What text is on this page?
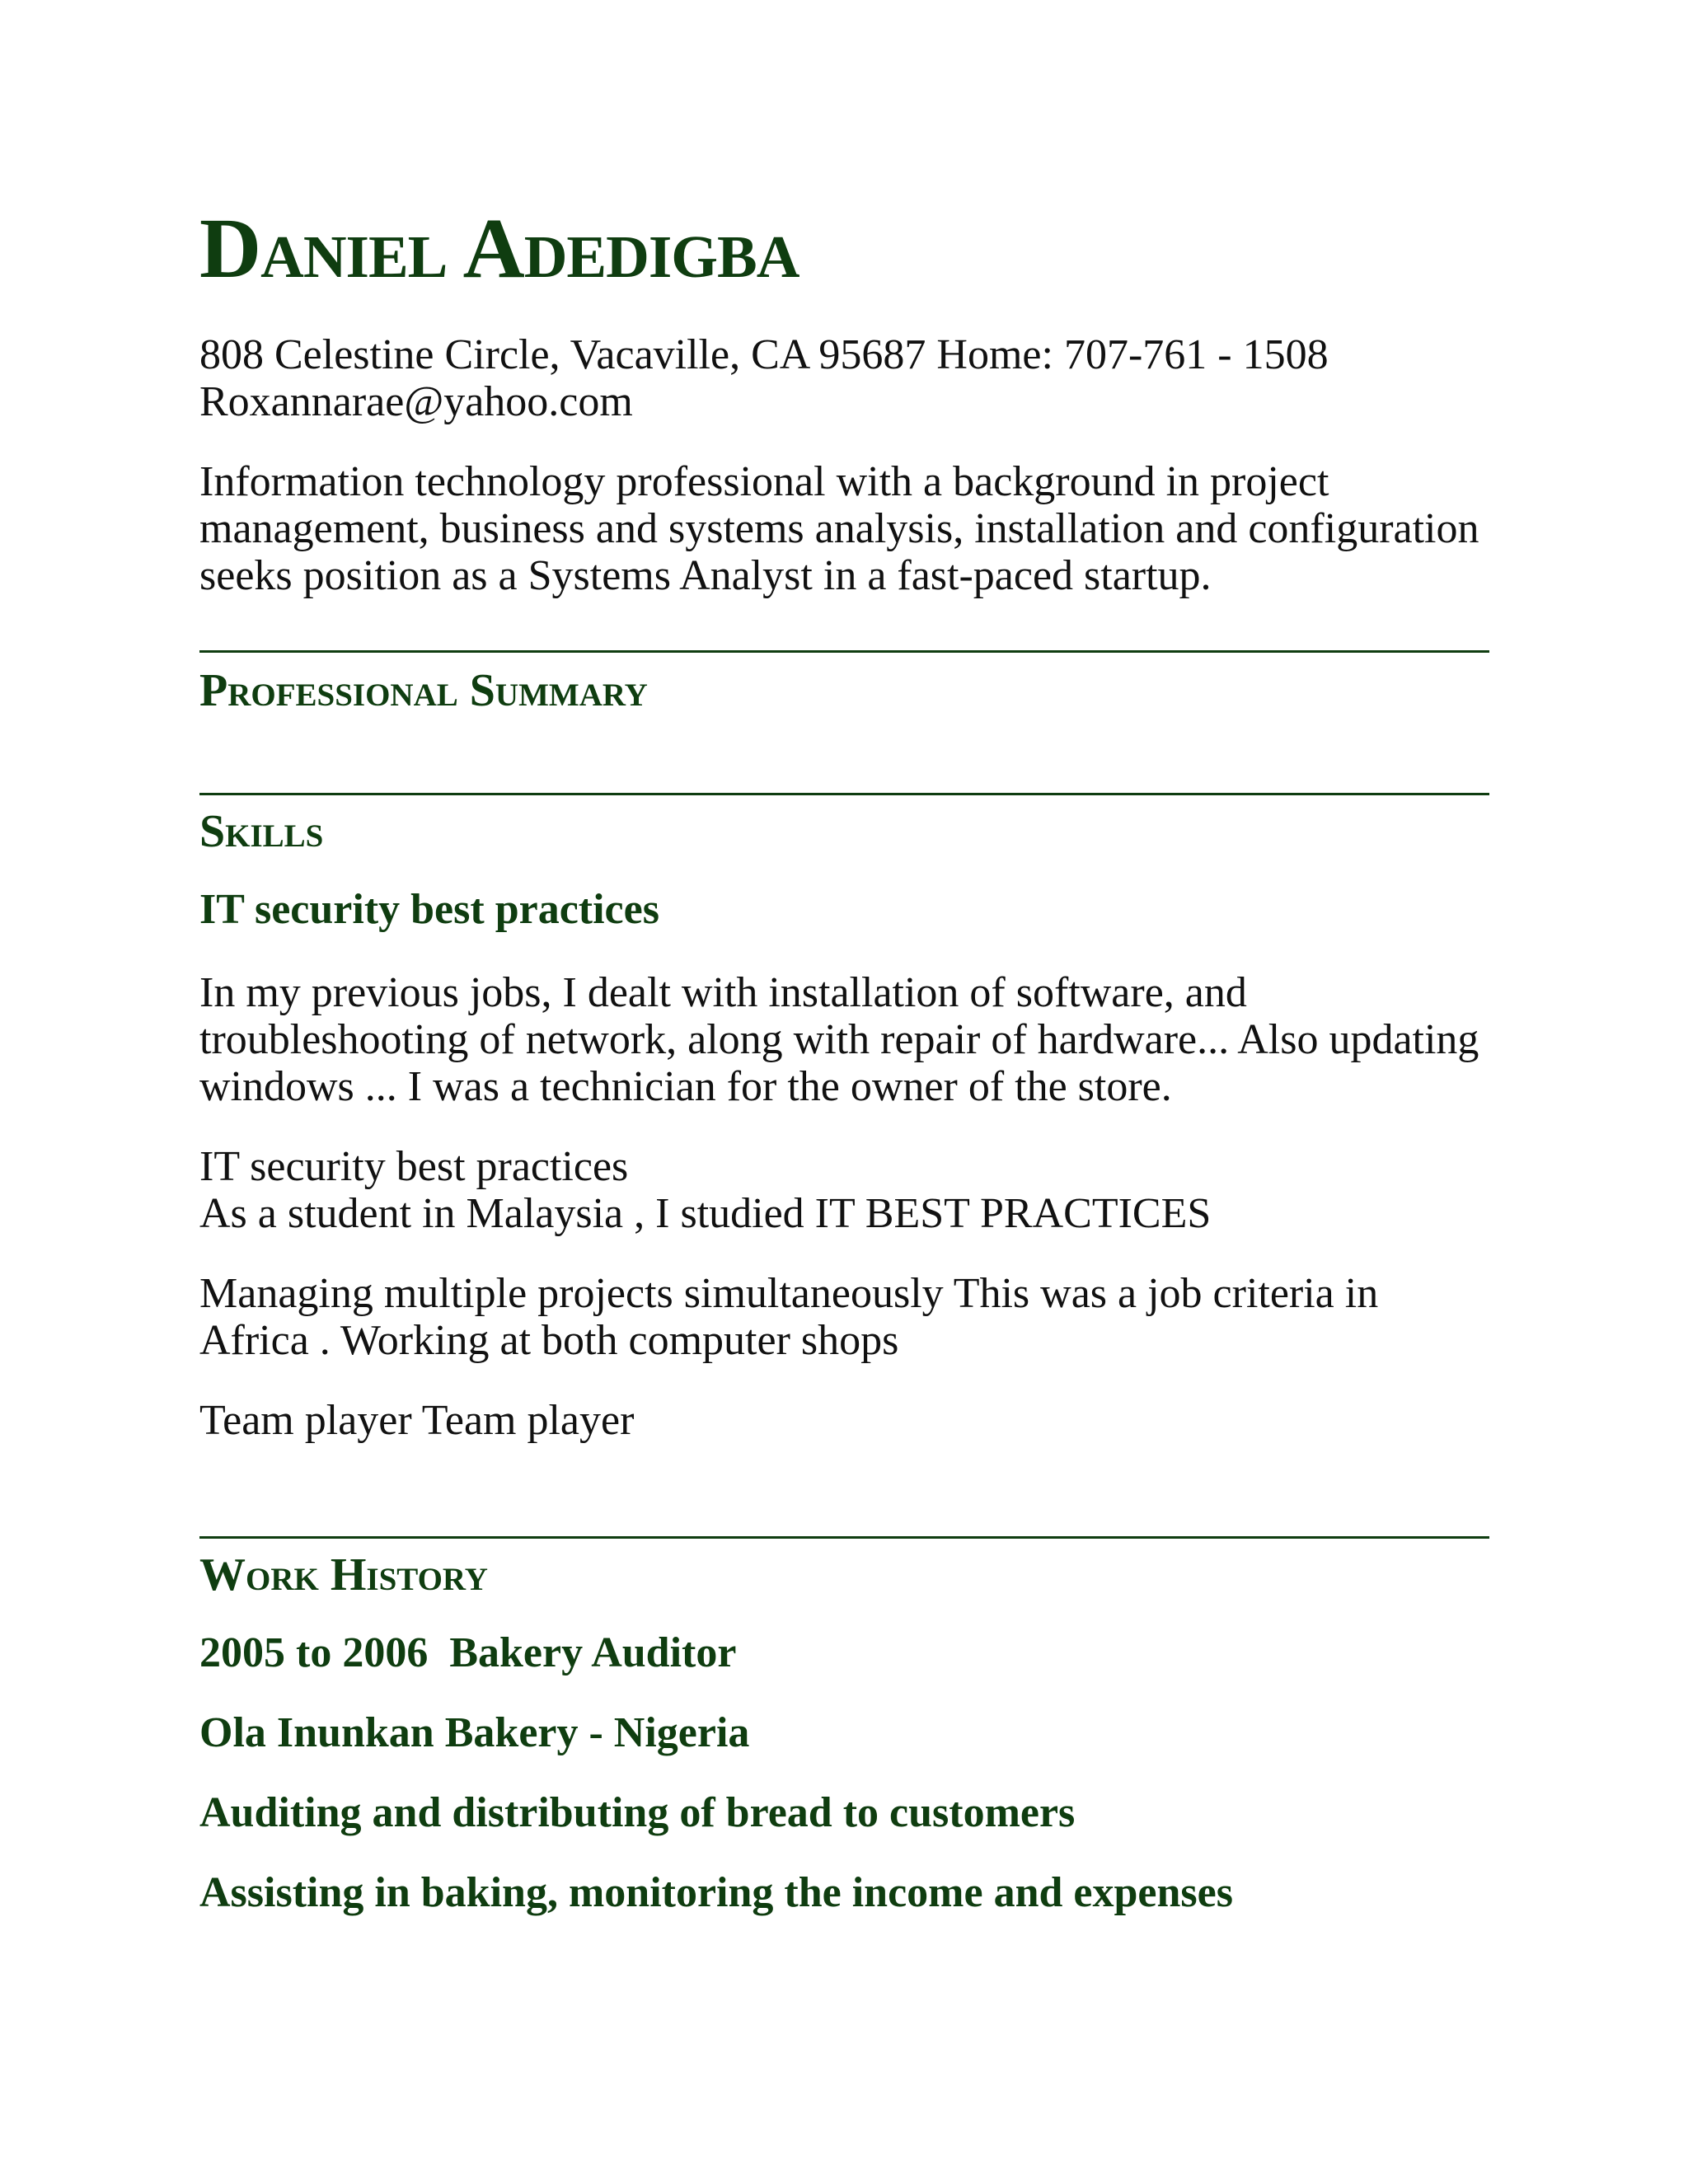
Daniel Adedigba
808 Celestine Circle, Vacaville, CA 95687 Home: 707-761 - 1508
Roxannarae@yahoo.com
Information technology professional with a background in project management, business and systems analysis, installation and configuration seeks position as a Systems Analyst in a fast-paced startup.
Professional Summary
Skills
IT security best practices
In my previous jobs, I dealt with installation of software, and troubleshooting of network, along with repair of hardware... Also updating windows ... I was a technician for the owner of the store.
IT security best practices
As a student in Malaysia , I studied IT BEST PRACTICES
Managing multiple projects simultaneously This was a job criteria in Africa . Working at both computer shops
Team player Team player
Work History
2005 to 2006  Bakery Auditor
Ola Inunkan Bakery - Nigeria
Auditing and distributing of bread to customers
Assisting in baking, monitoring the income and expenses
